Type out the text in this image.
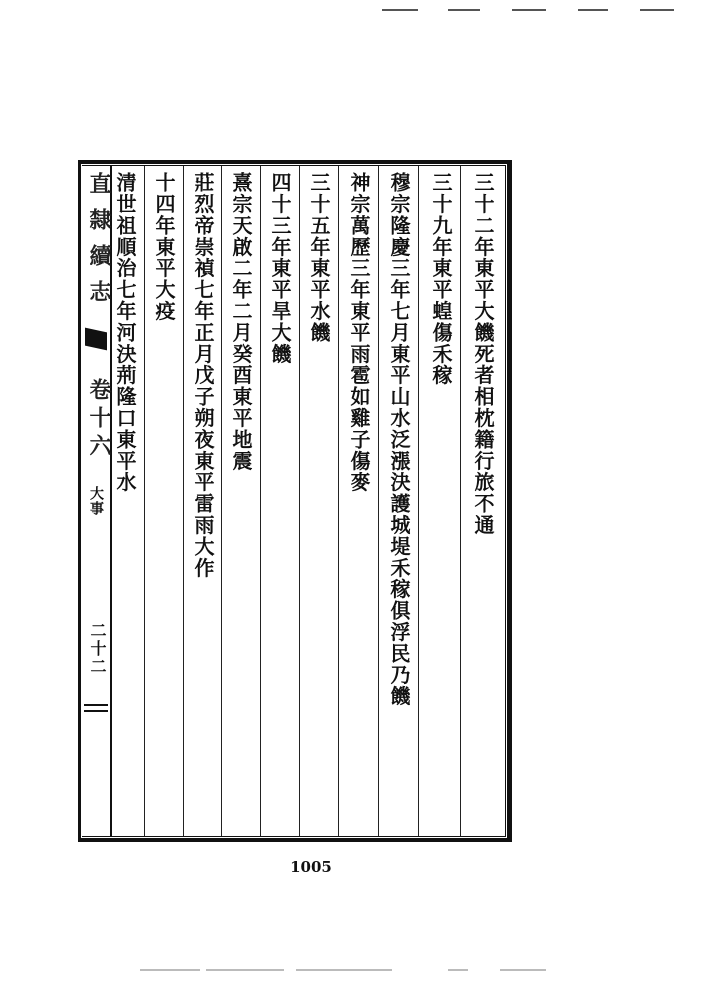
直隸續志
卷十六
大事
二十二
三十二年東平大饑死者相枕籍行旅不通
三十九年東平蝗傷禾稼
穆宗隆慶三年七月東平山水泛漲決護城堤禾稼俱浮民乃饑
神宗萬歷三年東平雨雹如雞子傷麥
三十五年東平水饑
四十三年東平旱大饑
熹宗天啟二年二月癸酉東平地震
莊烈帝崇禎七年正月戊子朔夜東平雷雨大作
十四年東平大疫
清世祖順治七年河決荊隆口東平水
1005
